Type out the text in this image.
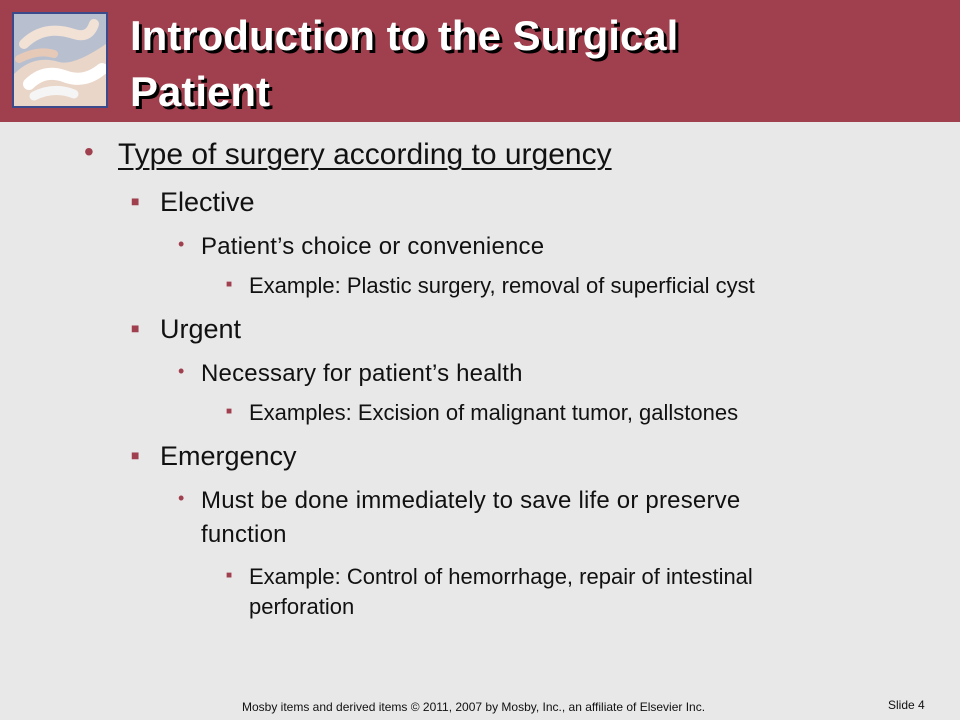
Introduction to the Surgical
Patient
• Type of surgery according to urgency
■ Elective
• Patient’s choice or convenience
■ Example: Plastic surgery, removal of superficial cyst
■ Urgent
• Necessary for patient’s health
■ Examples: Excision of malignant tumor, gallstones
■ Emergency
• Must be done immediately to save life or preserve
function
■ Example: Control of hemorrhage, repair of intestinal
perforation
Mosby items and derived items © 2011, 2007 by Mosby, Inc., an affiliate of Elsevier Inc.	Slide 4
